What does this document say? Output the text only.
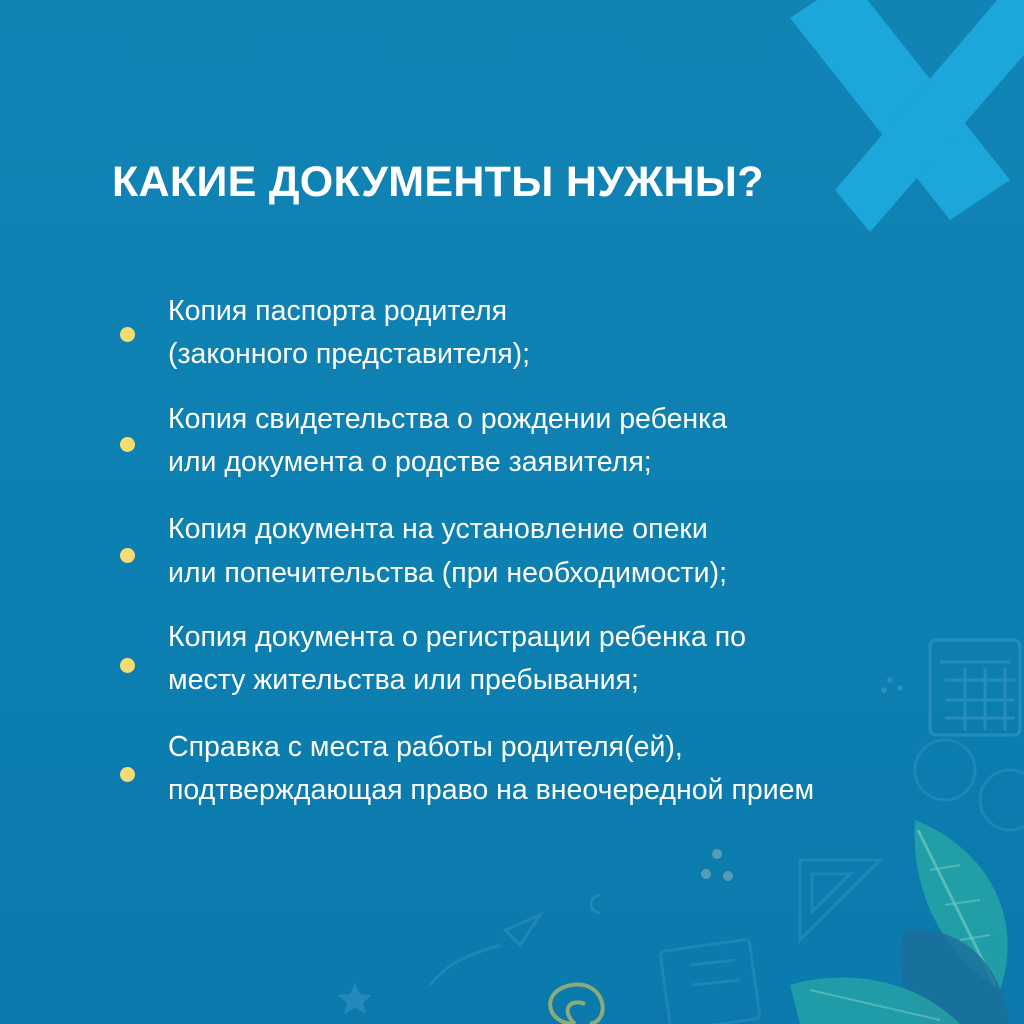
КАКИЕ ДОКУМЕНТЫ НУЖНЫ?
Копия паспорта родителя
(законного представителя);
Копия свидетельства о рождении ребенка
или документа о родстве заявителя;
Копия документа на установление опеки
или попечительства (при необходимости);
Копия документа о регистрации ребенка по
месту жительства или пребывания;
Справка с места работы родителя(ей),
подтверждающая право на внеочередной прием
